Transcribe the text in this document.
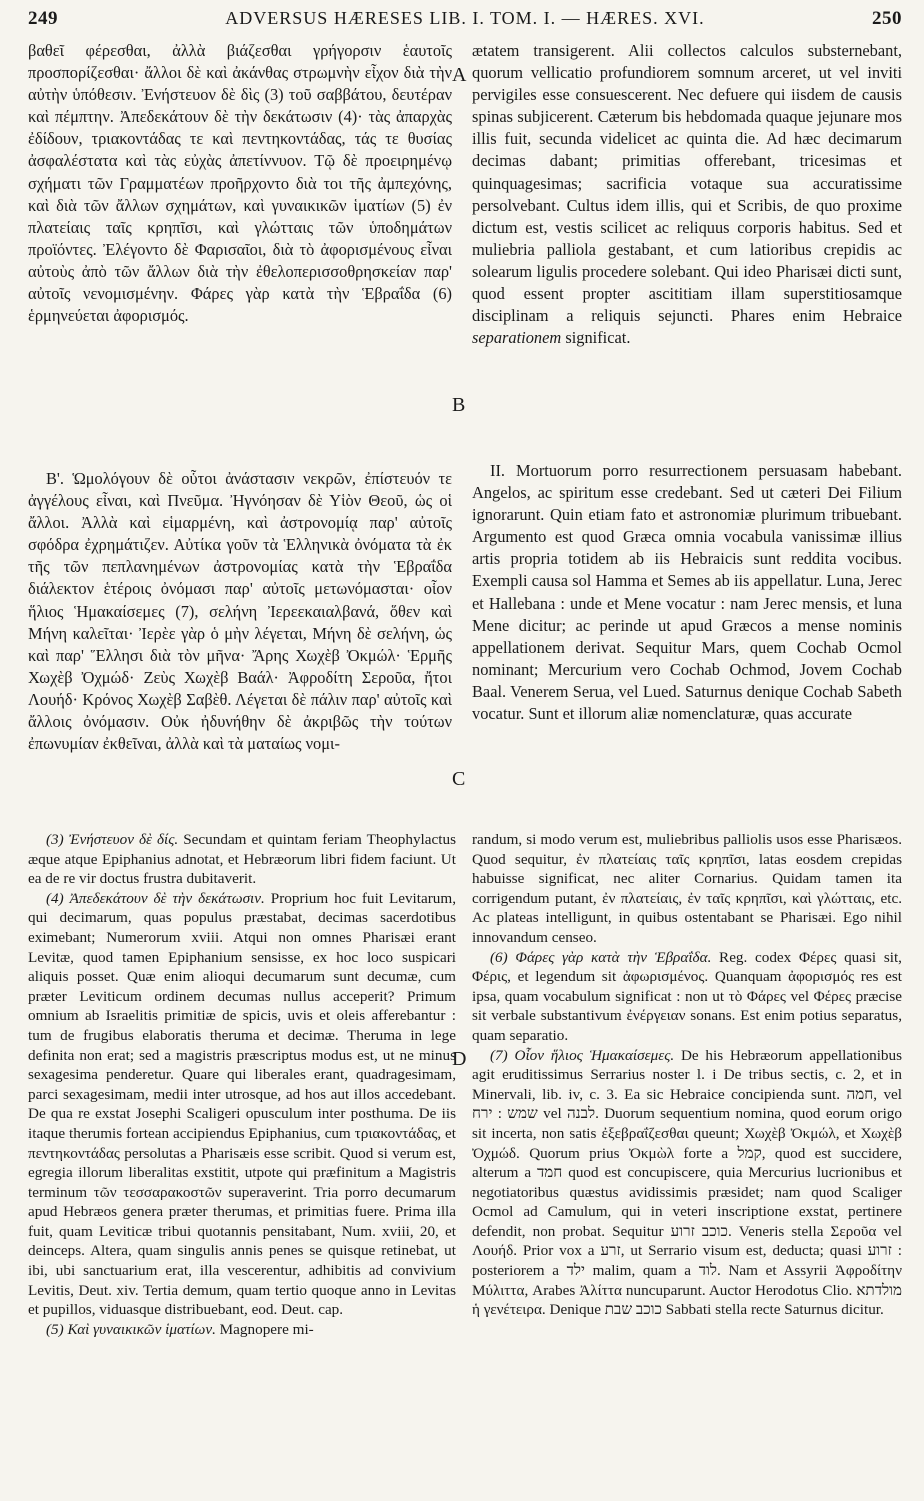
249	ADVERSUS HÆRESES LIB. I. TOM. I. — HÆRES. XVI.	250

βαθεῖ φέρεσθαι, ἀλλὰ βιάζεσθαι γρήγορσιν ἑαυτοῖς προσπορίζεσθαι· ἄλλοι δὲ καὶ ἀκάνθας στρωμνὴν εἶχον διὰ τὴν αὐτὴν ὑπόθεσιν. Ἐνήστευον δὲ δὶς (3) τοῦ σαββάτου, δευτέραν καὶ πέμπτην. Ἀπεδεκάτουν δὲ τὴν δεκάτωσιν (4)· τὰς ἀπαρχὰς ἐδίδουν, τριακοντάδας τε καὶ πεντηκοντάδας, τάς τε θυσίας ἀσφαλέστατα καὶ τὰς εὐχὰς ἀπετίννυον. Τῷ δὲ προειρημένῳ σχήματι τῶν Γραμματέων προῆρχοντο διὰ τοι τῆς ἀμπεχόνης, καὶ διὰ τῶν ἄλλων σχημάτων, καὶ γυναικικῶν ἱματίων (5) ἐν πλατείαις ταῖς κρηπῖσι, καὶ γλώτταις τῶν ὑποδημάτων προϊόντες. Ἐλέγοντο δὲ Φαρισαῖοι, διὰ τὸ ἀφορισμένους εἶναι αὐτοὺς ἀπὸ τῶν ἄλλων διὰ τὴν ἐθελοπερισσοθρησκείαν παρ' αὐτοῖς νενομισμένην. Φάρες γὰρ κατὰ τὴν Ἑβραΐδα (6) ἑρμηνεύεται ἀφορισμός.

A
B
C
D

ætatem transigerent. Alii collectos calculos substernebant, quorum vellicatio profundiorem somnum arceret, ut vel inviti pervigiles esse consuescerent. Nec defuere qui iisdem de causis spinas subjicerent. Cæterum bis hebdomada quaque jejunare mos illis fuit, secunda videlicet ac quinta die. Ad hæc decimarum decimas dabant; primitias offerebant, tricesimas et quinquagesimas; sacrificia votaque sua accuratissime persolvebant. Cultus idem illis, qui et Scribis, de quo proxime dictum est, vestis scilicet ac reliquus corporis habitus. Sed et muliebria palliola gestabant, et cum latioribus crepidis ac solearum ligulis procedere solebant. Qui ideo Pharisæi dicti sunt, quod essent propter ascititiam illam superstitiosamque disciplinam a reliquis sejuncti. Phares enim Hebraice separationem significat.

Β'. Ὡμολόγουν δὲ οὗτοι ἀνάστασιν νεκρῶν, ἐπίστευόν τε ἀγγέλους εἶναι, καὶ Πνεῦμα. Ἠγνόησαν δὲ Υἱὸν Θεοῦ, ὡς οἱ ἄλλοι. Ἀλλὰ καὶ εἱμαρμένη, καὶ ἀστρονομίᾳ παρ' αὐτοῖς σφόδρα ἐχρημάτιζεν. Αὐτίκα γοῦν τὰ Ἑλληνικὰ ὀνόματα τὰ ἐκ τῆς τῶν πεπλανημένων ἀστρονομίας κατὰ τὴν Ἑβραΐδα διάλεκτον ἑτέροις ὀνόμασι παρ' αὐτοῖς μετωνόμασται· οἷον ἥλιος Ἡμακαίσεμες (7), σελήνη Ἰερεεκαιαλβανά, ὅθεν καὶ Μήνη καλεῖται· Ἰερὲε γὰρ ὁ μὴν λέγεται, Μήνη δὲ σελήνη, ὡς καὶ παρ' Ἕλλησι διὰ τὸν μῆνα· Ἄρης Χωχὲβ Ὀκμώλ· Ἑρμῆς Χωχὲβ Ὀχμώδ· Ζεὺς Χωχὲβ Βαάλ· Ἀφροδίτη Σεροῦα, ἤτοι Λουήδ· Κρόνος Χωχὲβ Σαβὲθ. Λέγεται δὲ πάλιν παρ' αὐτοῖς καὶ ἄλλοις ὀνόμασιν. Οὐκ ἠδυνήθην δὲ ἀκριβῶς τὴν τούτων ἐπωνυμίαν ἐκθεῖναι, ἀλλὰ καὶ τὰ ματαίως νομι-

II. Mortuorum porro resurrectionem persuasam habebant. Angelos, ac spiritum esse credebant. Sed ut cæteri Dei Filium ignorarunt. Quin etiam fato et astronomiæ plurimum tribuebant. Argumento est quod Græca omnia vocabula vanissimæ illius artis propria totidem ab iis Hebraicis sunt reddita vocibus. Exempli causa sol Hamma et Semes ab iis appellatur. Luna, Jerec et Hallebana : unde et Mene vocatur : nam Jerec mensis, et luna Mene dicitur; ac perinde ut apud Græcos a mense nominis appellationem derivat. Sequitur Mars, quem Cochab Ocmol nominant; Mercurium vero Cochab Ochmod, Jovem Cochab Baal. Venerem Serua, vel Lued. Saturnus denique Cochab Sabeth vocatur. Sunt et illorum aliæ nomenclaturæ, quas accurate

(3) Ἐνήστευον δὲ δίς. Secundam et quintam feriam Theophylactus æque atque Epiphanius adnotat, et Hebræorum libri fidem faciunt. Ut ea de re vir doctus frustra dubitaverit.

(4) Ἀπεδεκάτουν δὲ τὴν δεκάτωσιν. Proprium hoc fuit Levitarum, qui decimarum, quas populus præstabat, decimas sacerdotibus eximebant; Numerorum xviii. Atqui non omnes Pharisæi erant Levitæ, quod tamen Epiphanium sensisse, ex hoc loco suspicari aliquis posset. Quæ enim alioqui decumarum sunt decumæ, cum præter Leviticum ordinem decumas nullus acceperit? Primum omnium ab Israelitis primitiæ de spicis, uvis et oleis afferebantur : tum de frugibus elaboratis theruma et decimæ. Theruma in lege definita non erat; sed a magistris præscriptus modus est, ut ne minus sexagesima penderetur. Quare qui liberales erant, quadragesimam, parci sexagesimam, medii inter utrosque, ad hos aut illos accedebant. De qua re exstat Josephi Scaligeri opusculum inter posthuma. De iis itaque therumis fortean accipiendus Epiphanius, cum τριακοντάδας, et πεντηκοντάδας persolutas a Pharisæis esse scribit. Quod si verum est, egregia illorum liberalitas exstitit, utpote qui præfinitum a Magistris terminum τῶν τεσσαρακοστῶν superaverint. Tria porro decumarum apud Hebræos genera præter therumas, et primitias fuere. Prima illa fuit, quam Leviticæ tribui quotannis pensitabant, Num. xviii, 20, et deinceps. Altera, quam singulis annis penes se quisque retinebat, ut ibi, ubi sanctuarium erat, illa vescerentur, adhibitis ad convivium Levitis, Deut. xiv. Tertia demum, quam tertio quoque anno in Levitas et pupillos, viduasque distribuebant, eod. Deut. cap.

(5) Καὶ γυναικικῶν ἱματίων. Magnopere mi-

randum, si modo verum est, muliebribus palliolis usos esse Pharisæos. Quod sequitur, ἐν πλατείαις ταῖς κρηπῖσι, latas eosdem crepidas habuisse significat, nec aliter Cornarius. Quidam tamen ita corrigendum putant, ἐν πλατείαις, ἐν ταῖς κρηπῖσι, καὶ γλώτταις, etc. Ac plateas intelligunt, in quibus ostentabant se Pharisæi. Ego nihil innovandum censeo.

(6) Φάρες γὰρ κατὰ τὴν Ἑβραΐδα. Reg. codex Φέρες quasi sit, Φέρις, et legendum sit ἀφωρισμένος. Quanquam ἀφορισμός res est ipsa, quam vocabulum significat : non ut τὸ Φάρες vel Φέρες præcise sit verbale substantivum ἐνέργειαν sonans. Est enim potius separatus, quam separatio.

(7) Οἷον ἥλιος Ἡμακαίσεμες. De his Hebræorum appellationibus agit eruditissimus Serrarius noster l. i De tribus sectis, c. 2, et in Minervali, lib. iv, c. 3. Ea sic Hebraice concipienda sunt. חמה, vel שמש : ירח vel לבנה. Duorum sequentium nomina, quod eorum origo sit incerta, non satis ἐξεβραΐζεσθαι queunt; Χωχὲβ Ὀκμώλ, et Χωχὲβ Ὀχμώδ. Quorum prius Ὀκμὼλ forte a קמל, quod est succidere, alterum a חמד quod est concupiscere, quia Mercurius lucrionibus et negotiatoribus quæstus avidissimis præsidet; nam quod Scaliger Ocmol ad Camulum, qui in veteri inscriptione exstat, pertinere defendit, non probat. Sequitur כוכב זרוע. Veneris stella Σεροῦα vel Λουήδ. Prior vox a זרע, ut Serrario visum est, deducta; quasi זרוע : posteriorem a ילד malim, quam a לוד. Nam et Assyrii Ἀφροδίτην Μύλιττα, Arabes Ἀλίττα nuncuparunt. Auctor Herodotus Clio. מולדתא ἡ γενέτειρα. Denique כוכב שבת Sabbati stella recte Saturnus dicitur.
